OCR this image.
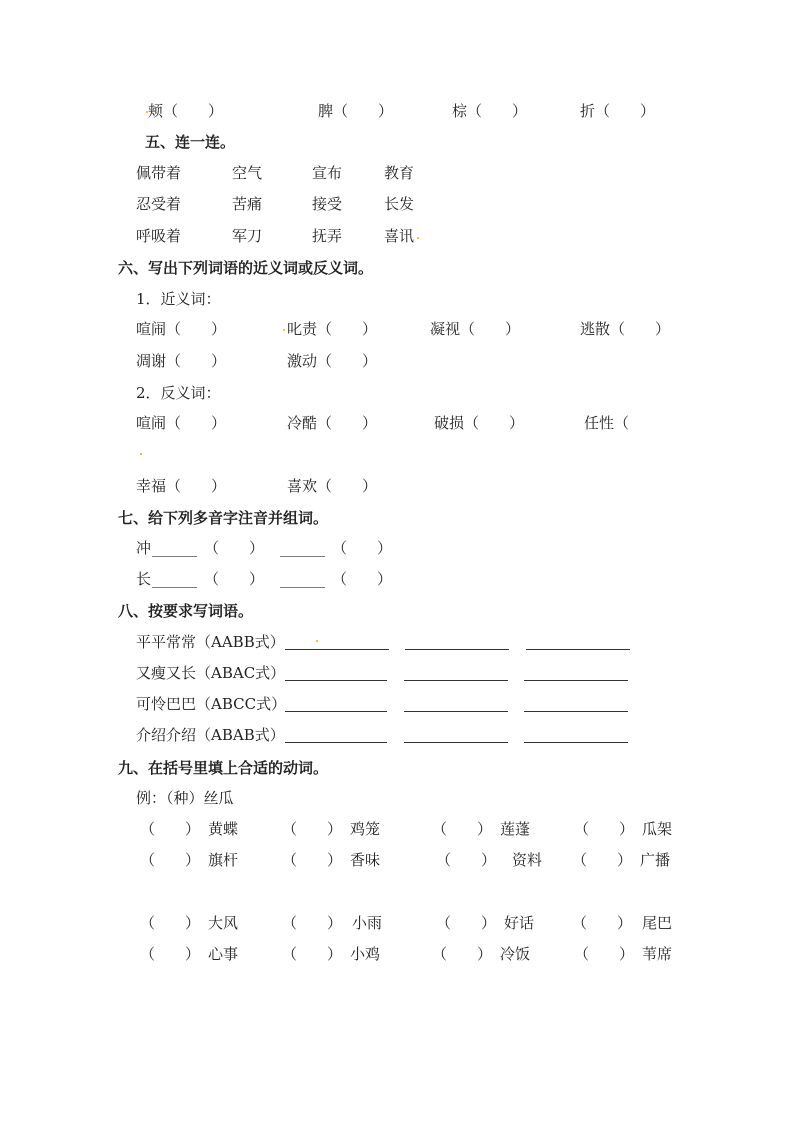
颊（　　）	脾（　　）	棕（　　）	折（　　）
五、连一连。
佩带着	空气	宣布	教育
忍受着	苦痛	接受	长发
呼吸着	军刀	抚弄	喜讯
六、写出下列词语的近义词或反义词。
1．近义词：
喧闹（　　）	叱责（　　）	凝视（　　）	逃散（　　）
凋谢（　　）	激动（　　）
2．反义词：
喧闹（　　）	冷酷（　　）	破损（　　）	任性（
幸福（　　）	喜欢（　　）
七、给下列多音字注音并组词。
冲 ______ （　　） ______ （　　）
长 ______ （　　） ______ （　　）
八、按要求写词语。
平平常常（AABB式）
又瘦又长（ABAC式）
可怜巴巴（ABCC式）
介绍介绍（ABAB式）
九、在括号里填上合适的动词。
例：（种）丝瓜
（　　） 黄蝶	（　　） 鸡笼	（　　） 莲蓬	（　　） 瓜架
（　　） 旗杆	（　　） 香味	（　　） 资料 （　　） 广播
（　　） 大风	（　　） 小雨	（　　） 好话	（　　） 尾巴
（　　） 心事	（　　） 小鸡	（　　） 冷饭	（　　） 苇席
